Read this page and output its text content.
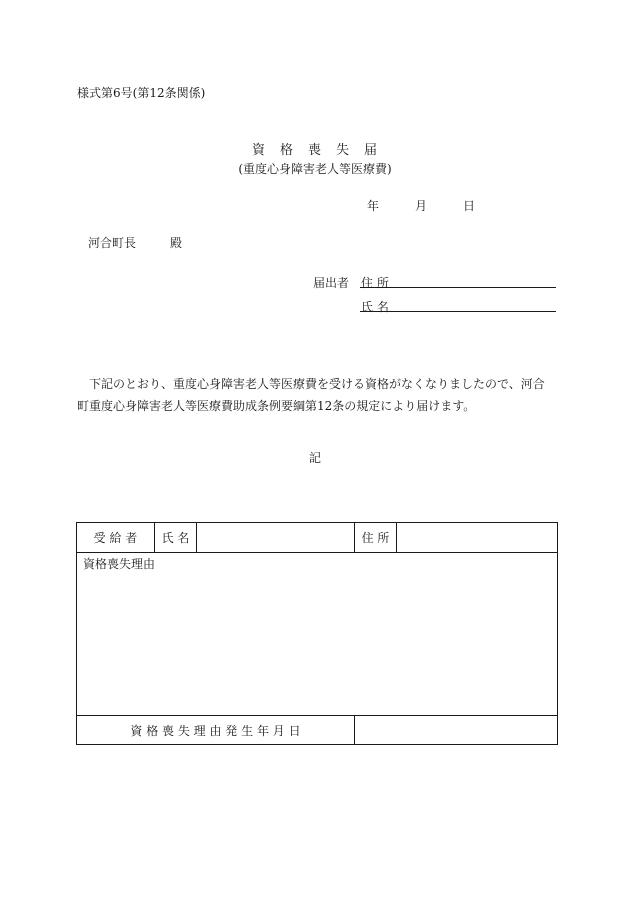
様式第6号(第12条関係)
資　格　喪　失　届
(重度心身障害老人等医療費)
年	月	日
河合町長	殿
届出者 住 所
氏 名
下記のとおり、重度心身障害老人等医療費を受ける資格がなくなりましたので、河合町重度心身障害老人等医療費助成条例要綱第12条の規定により届けます。
記
受 給 者	氏 名		住 所	
資格喪失理由				
資 格 喪 失 理 由 発 生 年 月 日				
